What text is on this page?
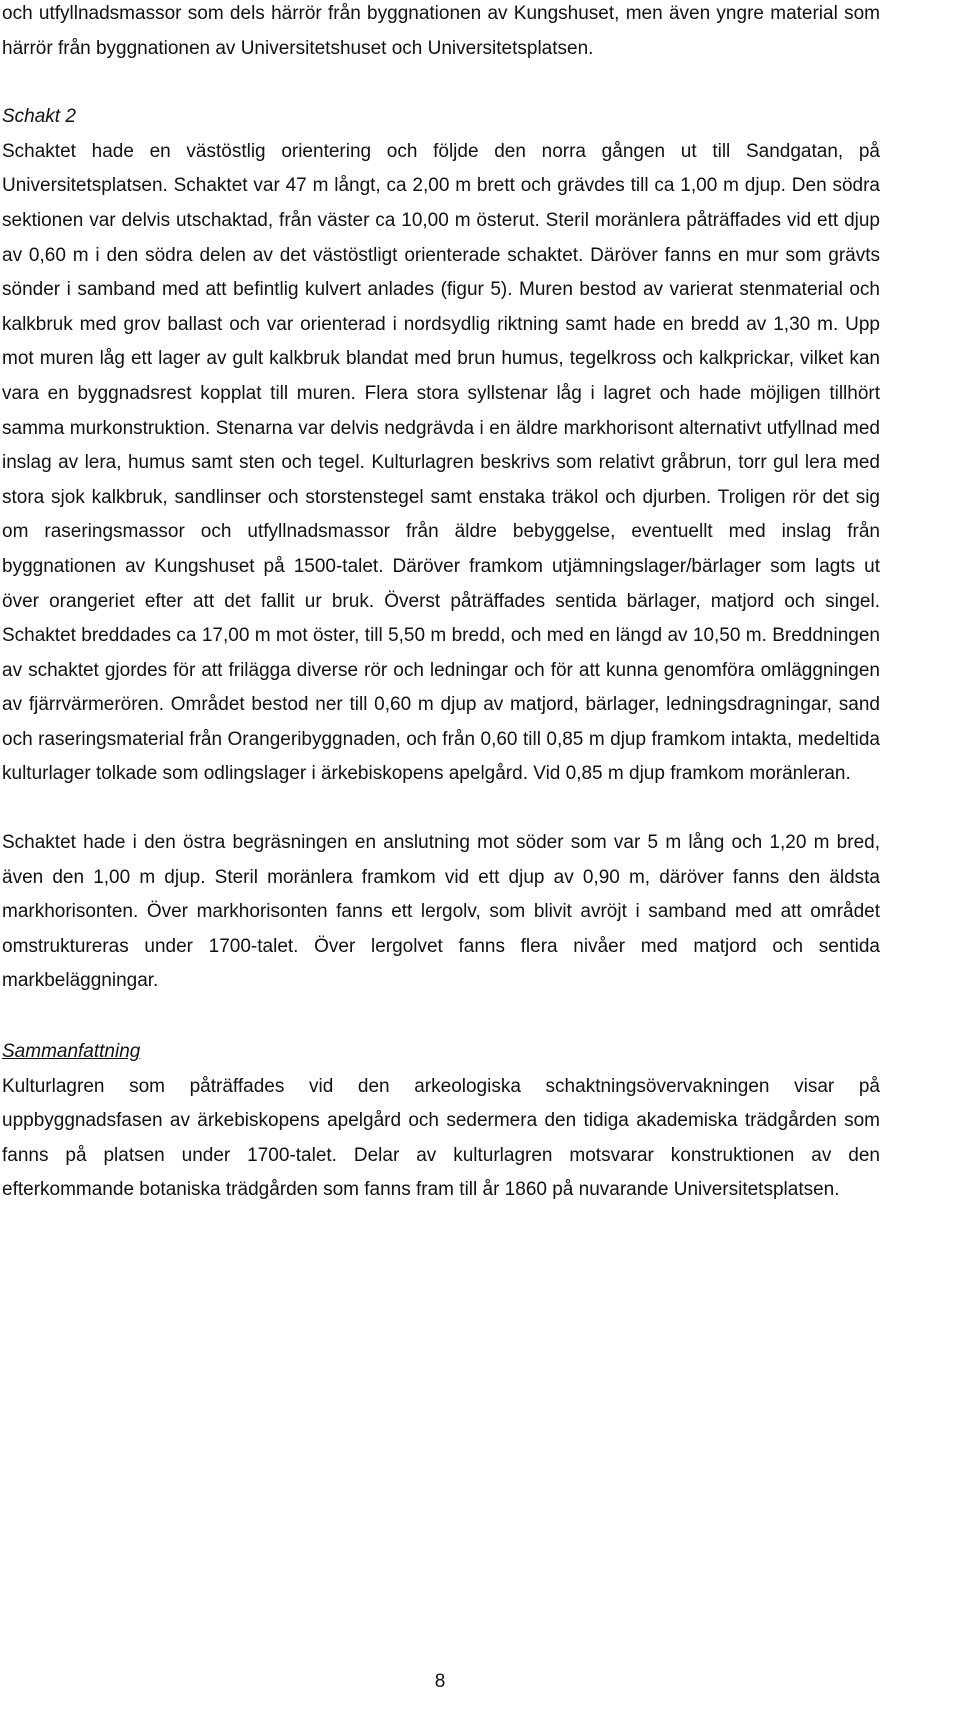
och utfyllnadsmassor som dels härrör från byggnationen av Kungshuset, men även yngre material som härrör från byggnationen av Universitetshuset och Universitetsplatsen.

Schakt 2

Schaktet hade en västöstlig orientering och följde den norra gången ut till Sandgatan, på Universitetsplatsen. Schaktet var 47 m långt, ca 2,00 m brett och grävdes till ca 1,00 m djup. Den södra sektionen var delvis utschaktad, från väster ca 10,00 m österut. Steril moränlera påträffades vid ett djup av 0,60 m i den södra delen av det västöstligt orienterade schaktet. Däröver fanns en mur som grävts sönder i samband med att befintlig kulvert anlades (figur 5). Muren bestod av varierat stenmaterial och kalkbruk med grov ballast och var orienterad i nordsydlig riktning samt hade en bredd av 1,30 m. Upp mot muren låg ett lager av gult kalkbruk blandat med brun humus, tegelkross och kalkprickar, vilket kan vara en byggnadsrest kopplat till muren. Flera stora syllstenar låg i lagret och hade möjligen tillhört samma murkonstruktion. Stenarna var delvis nedgrävda i en äldre markhorisont alternativt utfyllnad med inslag av lera, humus samt sten och tegel. Kulturlagren beskrivs som relativt gråbrun, torr gul lera med stora sjok kalkbruk, sandlinser och storstenstegel samt enstaka träkol och djurben. Troligen rör det sig om raseringsmassor och utfyllnadsmassor från äldre bebyggelse, eventuellt med inslag från byggnationen av Kungshuset på 1500-talet. Däröver framkom utjämningslager/bärlager som lagts ut över orangeriet efter att det fallit ur bruk. Överst påträffades sentida bärlager, matjord och singel. Schaktet breddades ca 17,00 m mot öster, till 5,50 m bredd, och med en längd av 10,50 m. Breddningen av schaktet gjordes för att frilägga diverse rör och ledningar och för att kunna genomföra omläggningen av fjärrvärmerören. Området bestod ner till 0,60 m djup av matjord, bärlager, ledningsdragningar, sand och raseringsmaterial från Orangeribyggnaden, och från 0,60 till 0,85 m djup framkom intakta, medeltida kulturlager tolkade som odlingslager i ärkebiskopens apelgård. Vid 0,85 m djup framkom moränleran.

Schaktet hade i den östra begräsningen en anslutning mot söder som var 5 m lång och 1,20 m bred, även den 1,00 m djup. Steril moränlera framkom vid ett djup av 0,90 m, däröver fanns den äldsta markhorisonten. Över markhorisonten fanns ett lergolv, som blivit avröjt i samband med att området omstruktureras under 1700-talet. Över lergolvet fanns flera nivåer med matjord och sentida markbeläggningar.

Sammanfattning

Kulturlagren som påträffades vid den arkeologiska schaktningsövervakningen visar på uppbyggnadsfasen av ärkebiskopens apelgård och sedermera den tidiga akademiska trädgården som fanns på platsen under 1700-talet. Delar av kulturlagren motsvarar konstruktionen av den efterkommande botaniska trädgården som fanns fram till år 1860 på nuvarande Universitetsplatsen.

8
